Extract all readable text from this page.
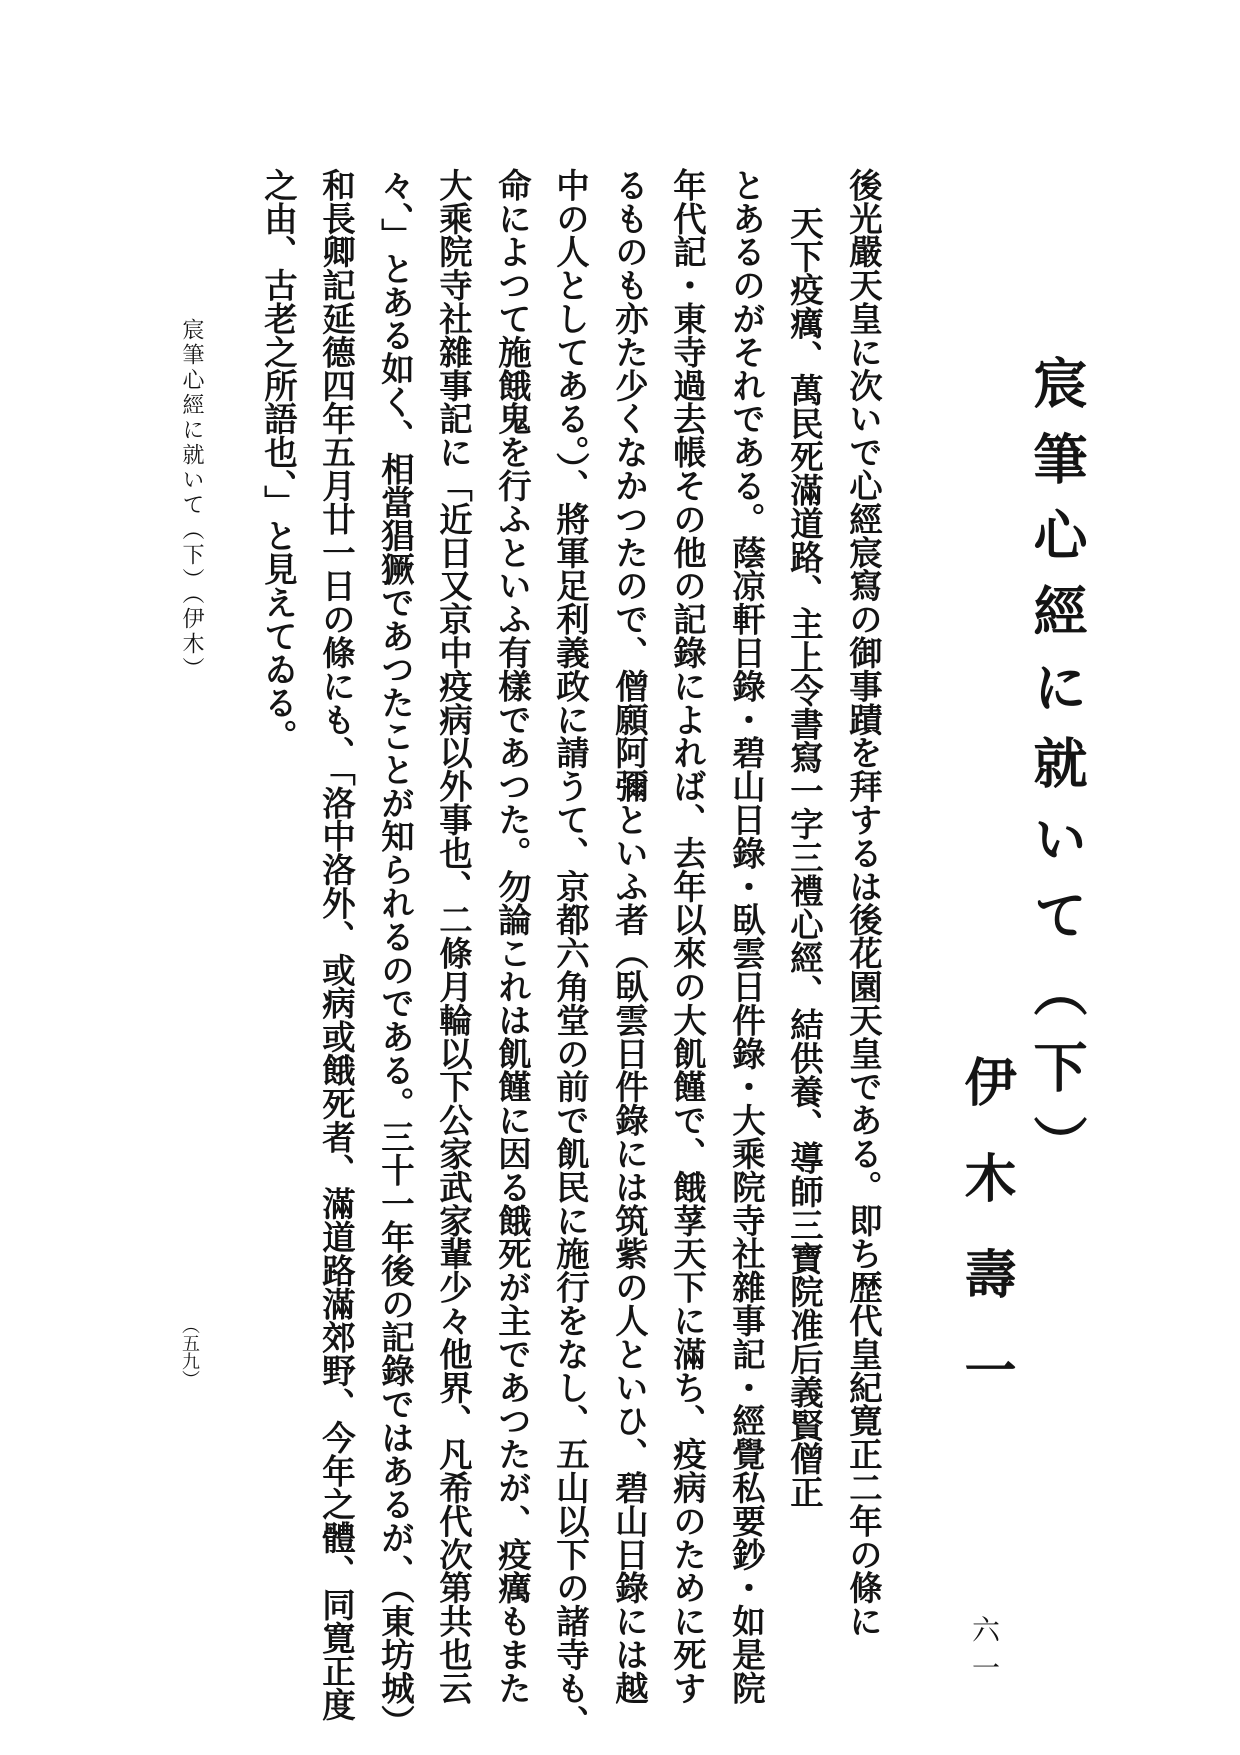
宸筆心經に就いて（下）
伊木壽一
後光嚴天皇に次いで心經宸寫の御事蹟を拜するは後花園天皇である。即ち歴代皇紀寛正二年の條に
天下疫癘、萬民死滿道路、主上令書寫一字三禮心經、結供養、導師三寶院准后義賢僧正
とあるのがそれである。蔭凉軒日錄・碧山日錄・臥雲日件錄・大乘院寺社雜事記・經覺私要鈔・如是院
年代記・東寺過去帳その他の記錄によれば、去年以來の大飢饉で、餓莩天下に滿ち、疫病のために死す
るものも亦た少くなかつたので、僧願阿彌といふ者（臥雲日件錄には筑紫の人といひ、碧山日錄には越
中の人としてある。）、將軍足利義政に請うて、京都六角堂の前で飢民に施行をなし、五山以下の諸寺も、
命によつて施餓鬼を行ふといふ有樣であつた。勿論これは飢饉に因る餓死が主であつたが、疫癘もまた
大乘院寺社雜事記に「近日又京中疫病以外事也、二條月輪以下公家武家輩少々他界、凡希代次第共也云
々、」とある如く、相當猖獗であつたことが知られるのである。三十一年後の記錄ではあるが、（東坊城）
和長卿記延德四年五月廿一日の條にも、「洛中洛外、或病或餓死者、滿道路滿郊野、今年之體、同寛正度
之由、古老之所語也、」と見えてゐる。
宸筆心經に就いて（下）（伊木）
（五九）
六一
